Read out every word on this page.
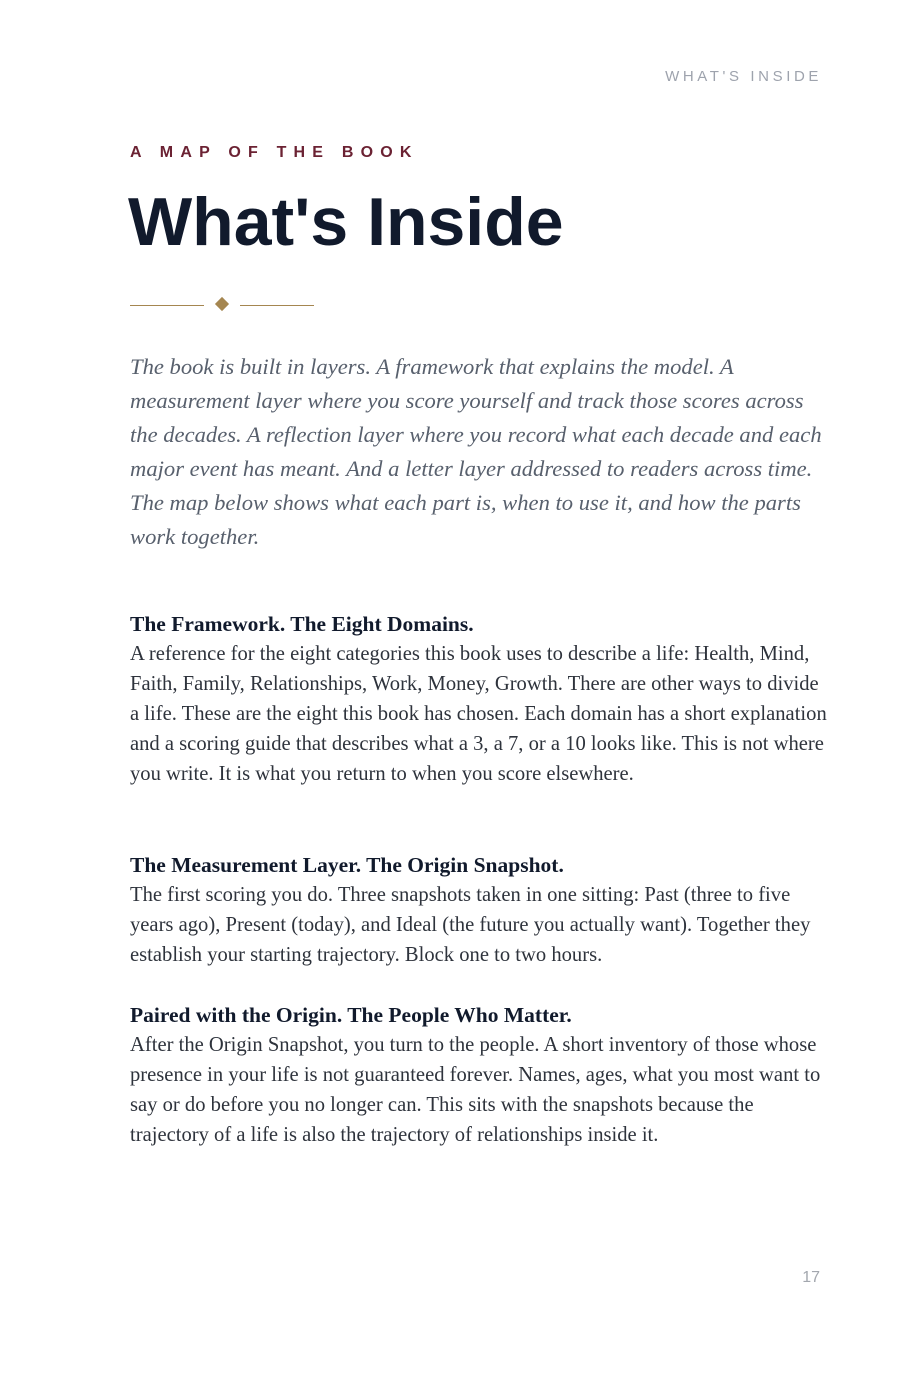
WHAT'S INSIDE
A MAP OF THE BOOK
What's Inside

The book is built in layers. A framework that explains the model. A measurement layer where you score yourself and track those scores across the decades. A reflection layer where you record what each decade and each major event has meant. And a letter layer addressed to readers across time. The map below shows what each part is, when to use it, and how the parts work together.

The Framework. The Eight Domains.

A reference for the eight categories this book uses to describe a life: Health, Mind, Faith, Family, Relationships, Work, Money, Growth. There are other ways to divide a life. These are the eight this book has chosen. Each domain has a short explanation and a scoring guide that describes what a 3, a 7, or a 10 looks like. This is not where you write. It is what you return to when you score elsewhere.

The Measurement Layer. The Origin Snapshot.

The first scoring you do. Three snapshots taken in one sitting: Past (three to five years ago), Present (today), and Ideal (the future you actually want). Together they establish your starting trajectory. Block one to two hours.

Paired with the Origin. The People Who Matter.

After the Origin Snapshot, you turn to the people. A short inventory of those whose presence in your life is not guaranteed forever. Names, ages, what you most want to say or do before you no longer can. This sits with the snapshots because the trajectory of a life is also the trajectory of relationships inside it.

17
